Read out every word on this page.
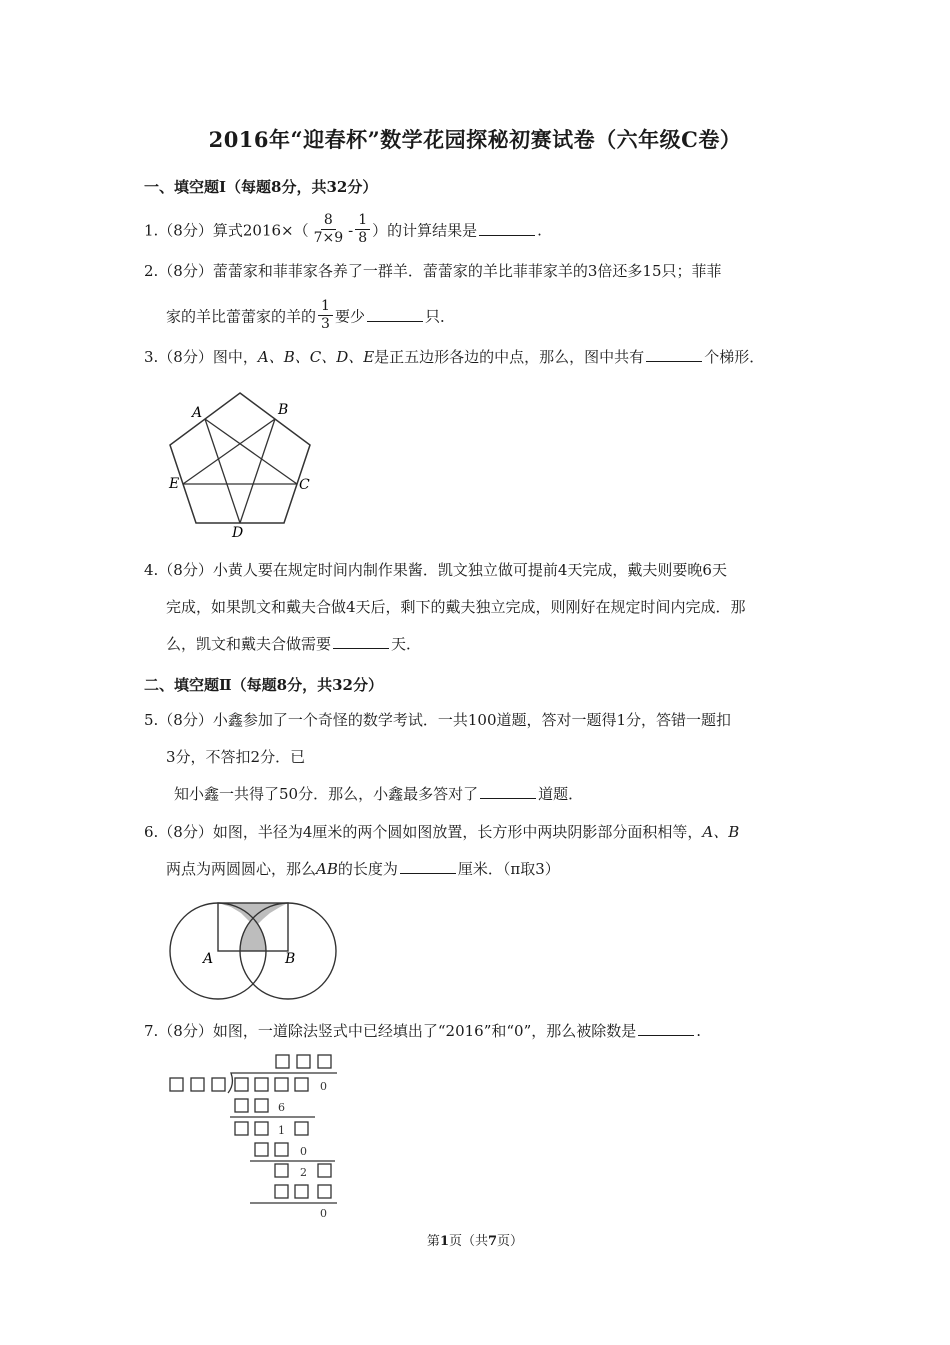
2016年“迎春杯”数学花园探秘初赛试卷（六年级C卷）
一、填空题Ⅰ（每题8分，共32分）
1.（8分）算式$2016\times( \frac{8}{7\times 9} - \frac{1}{8}$ ）的计算结果是	.
2.（8分）蕾蕾家和菲菲家各养了一群羊．蕾蕾家的羊比菲菲家羊的3倍还多15只；菲菲
家的羊比蕾蕾家的羊的 $\frac{1}{3}$ 要少	只．
3.（8分）图中，A、B、C、D、E是正五边形各边的中点，那么，图中共有	个梯形．
A	B
C
D
E
4.（8分）小黄人要在规定时间内制作果酱．凯文独立做可提前4天完成，戴夫则要晚6天
完成，如果凯文和戴夫合做4天后，剩下的戴夫独立完成，则刚好在规定时间内完成．那
么，凯文和戴夫合做需要	天．
二、填空题Ⅱ（每题8分，共32分）
5.（8分）小鑫参加了一个奇怪的数学考试．一共100道题，答对一题得1分，答错一题扣
3分，不答扣2分．已
知小鑫一共得了50分．那么，小鑫最多答对了	道题．
6.（8分）如图，半径为4厘米的两个圆如图放置，长方形中两块阴影部分面积相等，A、B
两点为两圆圆心，那么AB的长度为	厘米．（π取3）
A	B
7.（8分）如图，一道除法竖式中已经填出了“2016”和“0”，那么被除数是	.
0
6
1
0
2
0
第1页（共7页）
